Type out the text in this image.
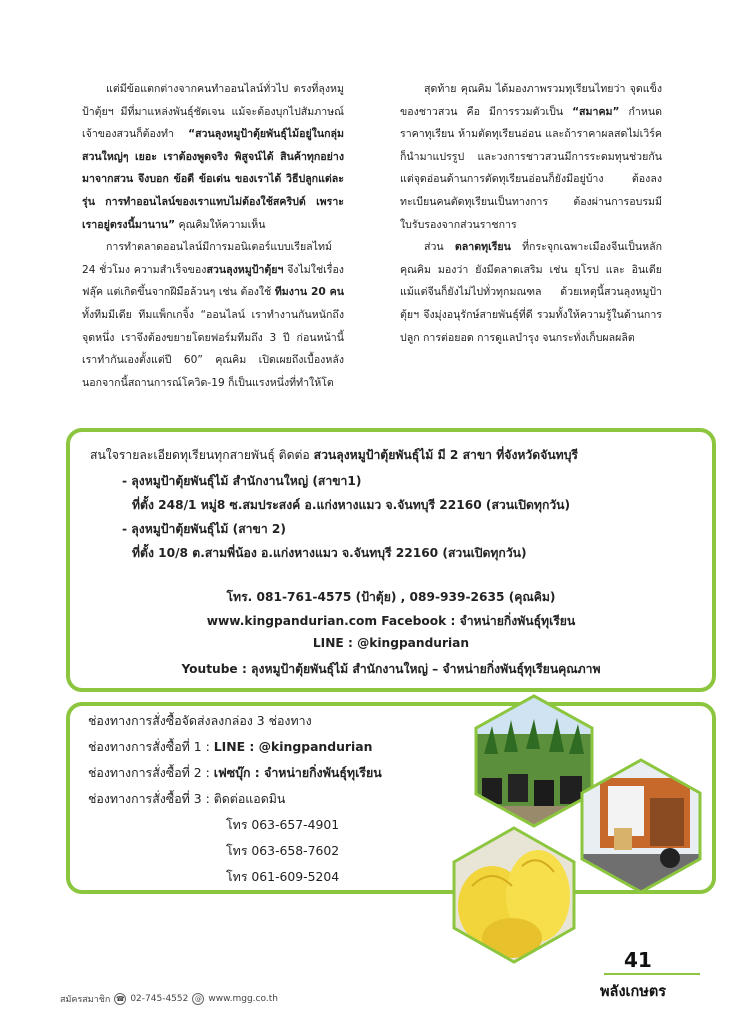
แต่มีข้อแตกต่างจากคนทำออนไลน์ทั่วไป ตรงที่ลุงหมูป้าตุ้ยฯ มีที่มาแหล่งพันธุ์ชัดเจน แม้จะต้องบุกไปสัมภาษณ์เจ้าของสวนก็ต้องทำ “สวนลุงหมูป้าตุ้ยพันธุ์ไม้อยู่ในกลุ่มสวนใหญ่ๆ เยอะ เราต้องพูดจริง พิสูจน์ได้ สินค้าทุกอย่างมาจากสวน จึงบอก ข้อดี ข้อเด่น ของเราได้ วิธีปลูกแต่ละรุ่น การทำออนไลน์ของเราแทบไม่ต้องใช้สคริปต์ เพราะเราอยู่ตรงนี้มานาน” คุณคิมให้ความเห็น

การทำตลาดออนไลน์มีการมอนิเตอร์แบบเรียลไทม์ 24 ชั่วโมง ความสำเร็จของสวนลุงหมูป้าตุ้ยฯ จึงไม่ใช่เรื่องฟลุ๊ค แต่เกิดขึ้นจากฝีมือล้วนๆ เช่น ต้องใช้ ทีมงาน 20 คน ทั้งทีมมีเดีย ทีมแพ็กเกจิ้ง “ออนไลน์ เราทำงานกันหนักถึงจุดหนึ่ง เราจึงต้องขยายโดยฟอร์มทีมถึง 3 ปี ก่อนหน้านี้เราทำกันเองตั้งแต่ปี 60” คุณคิม เปิดเผยถึงเบื้องหลังนอกจากนี้สถานการณ์โควิด-19 ก็เป็นแรงหนึ่งที่ทำให้โต

สุดท้าย คุณคิม ได้มองภาพรวมทุเรียนไทยว่า จุดแข็งของชาวสวน คือ มีการรวมตัวเป็น “สมาคม” กำหนดราคาทุเรียน ห้ามตัดทุเรียนอ่อน และถ้าราคาผลสดไม่เวิร์คก็นำมาแปรรูป และวงการชาวสวนมีการระดมทุนช่วยกันแต่จุดอ่อนด้านการตัดทุเรียนอ่อนก็ยังมีอยู่บ้าง ต้องลงทะเบียนคนตัดทุเรียนเป็นทางการ ต้องผ่านการอบรมมีใบรับรองจากส่วนราชการ

ส่วน ตลาดทุเรียน ที่กระจุกเฉพาะเมืองจีนเป็นหลัก คุณคิม มองว่า ยังมีตลาดเสริม เช่น ยุโรป และ อินเดีย แม้แต่จีนก็ยังไม่ไปทั่วทุกมณฑล ด้วยเหตุนี้สวนลุงหมูป้าตุ้ยฯ จึงมุ่งอนุรักษ์สายพันธุ์ที่ดี รวมทั้งให้ความรู้ในด้านการปลูก การต่อยอด การดูแลบำรุง จนกระทั่งเก็บผลผลิต

สนใจรายละเอียดทุเรียนทุกสายพันธุ์ ติดต่อ สวนลุงหมูป้าตุ้ยพันธุ์ไม้ มี 2 สาขา ที่จังหวัดจันทบุรี
- ลุงหมูป้าตุ้ยพันธุ์ไม้ สำนักงานใหญ่ (สาขา1)
ที่ตั้ง 248/1 หมู่8 ซ.สมประสงค์ อ.แก่งหางแมว จ.จันทบุรี 22160 (สวนเปิดทุกวัน)
- ลุงหมูป้าตุ้ยพันธุ์ไม้ (สาขา 2)
ที่ตั้ง 10/8 ต.สามพี่น้อง อ.แก่งหางแมว จ.จันทบุรี 22160 (สวนเปิดทุกวัน)
โทร. 081-761-4575 (ป้าตุ้ย) , 089-939-2635 (คุณคิม)
www.kingpandurian.com Facebook : จำหน่ายกิ่งพันธุ์ทุเรียน
LINE : @kingpandurian
Youtube : ลุงหมูป้าตุ้ยพันธุ์ไม้ สำนักงานใหญ่ – จำหน่ายกิ่งพันธุ์ทุเรียนคุณภาพ
ช่องทางการสั่งซื้อจัดส่งลงกล่อง 3 ช่องทาง
ช่องทางการสั่งซื้อที่ 1 : LINE : @kingpandurian
ช่องทางการสั่งซื้อที่ 2 : เฟซบุ๊ก : จำหน่ายกิ่งพันธุ์ทุเรียน
ช่องทางการสั่งซื้อที่ 3 : ติดต่อแอดมิน
โทร 063-657-4901
โทร 063-658-7602
โทร 061-609-5204
41
พลังเกษตร
สมัครสมาชิก ☎ 02-745-4552 @ www.mgg.co.th
